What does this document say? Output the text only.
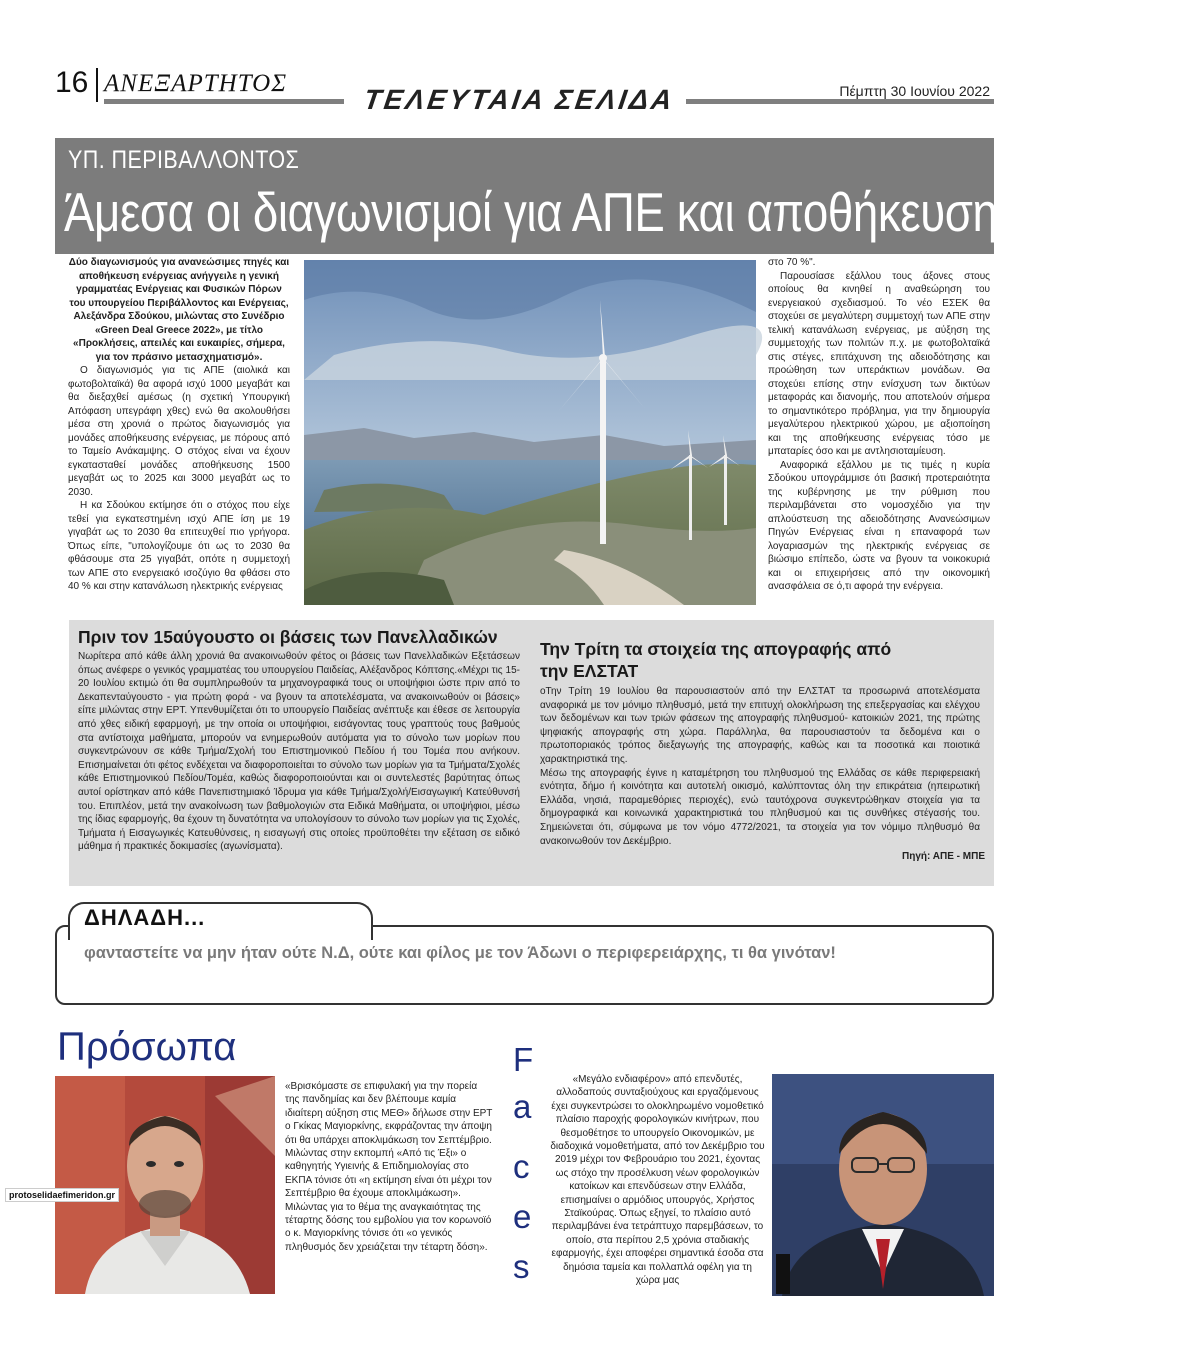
16 ΑΝΕΞΑΡΤΗΤΟΣ
ΤΕΛΕΥΤΑΙΑ ΣΕΛΙΔΑ	Πέμπτη 30 Ιουνίου 2022
ΥΠ. ΠΕΡΙΒΑΛΛΟΝΤΟΣ
Άμεσα οι διαγωνισμοί για ΑΠΕ και αποθήκευση ενέργειας

Δύο διαγωνισμούς για ανανεώσιμες πηγές και αποθήκευση ενέργειας ανήγγειλε η γενική γραμματέας Ενέργειας και Φυσικών Πόρων του υπουργείου Περιβάλλοντος και Ενέργειας, Αλεξάνδρα Σδούκου, μιλώντας στο Συνέδριο «Green Deal Greece 2022», με τίτλο «Προκλήσεις, απειλές και ευκαιρίες, σήμερα, για τον πράσινο μετασχηματισμό».

Ο διαγωνισμός για τις ΑΠΕ (αιολικά και φωτοβολταϊκά) θα αφορά ισχύ 1000 μεγαβάτ και θα διεξαχθεί αμέσως (η σχετική Υπουργική Απόφαση υπεγράφη χθες) ενώ θα ακολουθήσει μέσα στη χρονιά ο πρώτος διαγωνισμός για μονάδες αποθήκευσης ενέργειας, με πόρους από το Ταμείο Ανάκαμψης. Ο στόχος είναι να έχουν εγκατασταθεί μονάδες αποθήκευσης 1500 μεγαβάτ ως το 2025 και 3000 μεγαβάτ ως το 2030.

Η κα Σδούκου εκτίμησε ότι ο στόχος που είχε τεθεί για εγκατεστημένη ισχύ ΑΠΕ ίση με 19 γιγαβάτ ως το 2030 θα επιτευχθεί πιο γρήγορα. Όπως είπε, "υπολογίζουμε ότι ως το 2030 θα φθάσουμε στα 25 γιγαβάτ, οπότε η συμμετοχή των ΑΠΕ στο ενεργειακό ισοζύγιο θα φθάσει στο 40 % και στην κατανάλωση ηλεκτρικής ενέργειας

στο 70 %".

Παρουσίασε εξάλλου τους άξονες στους οποίους θα κινηθεί η αναθεώρηση του ενεργειακού σχεδιασμού. Το νέο ΕΣΕΚ θα στοχεύει σε μεγαλύτερη συμμετοχή των ΑΠΕ στην τελική κατανάλωση ενέργειας, με αύξηση της συμμετοχής των πολιτών π.χ. με φωτοβολταϊκά στις στέγες, επιτάχυνση της αδειοδότησης και προώθηση των υπεράκτιων μονάδων. Θα στοχεύει επίσης στην ενίσχυση των δικτύων μεταφοράς και διανομής, που αποτελούν σήμερα το σημαντικότερο πρόβλημα, για την δημιουργία μεγαλύτερου ηλεκτρικού χώρου, με αξιοποίηση και της αποθήκευσης ενέργειας τόσο με μπαταρίες όσο και με αντλησιοταμίευση.

Αναφορικά εξάλλου με τις τιμές η κυρία Σδούκου υπογράμμισε ότι βασική προτεραιότητα της κυβέρνησης με την ρύθμιση που περιλαμβάνεται στο νομοσχέδιο για την απλούστευση της αδειοδότησης Ανανεώσιμων Πηγών Ενέργειας είναι η επαναφορά των λογαριασμών της ηλεκτρικής ενέργειας σε βιώσιμο επίπεδο, ώστε να βγουν τα νοικοκυριά και οι επιχειρήσεις από την οικονομική ανασφάλεια σε ό,τι αφορά την ενέργεια.

Πριν τον 15αύγουστο οι βάσεις των Πανελλαδικών
Νωρίτερα από κάθε άλλη χρονιά θα ανακοινωθούν φέτος οι βάσεις των Πανελλαδικών Εξετάσεων όπως ανέφερε ο γενικός γραμματέας του υπουργείου Παιδείας, Αλέξανδρος Κόπτσης.«Μέχρι τις 15-20 Ιουλίου εκτιμώ ότι θα συμπληρωθούν τα μηχανογραφικά τους οι υποψήφιοι ώστε πριν από το Δεκαπενταύγουστο - για πρώτη φορά - να βγουν τα αποτελέσματα, να ανακοινωθούν οι βάσεις» είπε μιλώντας στην ΕΡΤ. Υπενθυμίζεται ότι το υπουργείο Παιδείας ανέπτυξε και έθεσε σε λειτουργία από χθες ειδική εφαρμογή, με την οποία οι υποψήφιοι, εισάγοντας τους γραπτούς τους βαθμούς στα αντίστοιχα μαθήματα, μπορούν να ενημερωθούν αυτόματα για το σύνολο των μορίων που συγκεντρώνουν σε κάθε Τμήμα/Σχολή του Επιστημονικού Πεδίου ή του Τομέα που ανήκουν. Επισημαίνεται ότι φέτος ενδέχεται να διαφοροποιείται το σύνολο των μορίων για τα Τμήματα/Σχολές κάθε Επιστημονικού Πεδίου/Τομέα, καθώς διαφοροποιούνται και οι συντελεστές βαρύτητας όπως αυτοί ορίστηκαν από κάθε Πανεπιστημιακό Ίδρυμα για κάθε Τμήμα/Σχολή/Εισαγωγική Κατεύθυνσή του. Επιπλέον, μετά την ανακοίνωση των βαθμολογιών στα Ειδικά Μαθήματα, οι υποψήφιοι, μέσω της ίδιας εφαρμογής, θα έχουν τη δυνατότητα να υπολογίσουν το σύνολο των μορίων για τις Σχολές, Τμήματα ή Εισαγωγικές Κατευθύνσεις, η εισαγωγή στις οποίες προϋποθέτει την εξέταση σε ειδικό μάθημα ή πρακτικές δοκιμασίες (αγωνίσματα).
Την Τρίτη τα στοιχεία της απογραφής από την ΕΛΣΤΑΤ

οΤην Τρίτη 19 Ιουλίου θα παρουσιαστούν από την ΕΛΣΤΑΤ τα προσωρινά αποτελέσματα αναφορικά με τον μόνιμο πληθυσμό, μετά την επιτυχή ολοκλήρωση της επεξεργασίας και ελέγχου των δεδομένων και των τριών φάσεων της απογραφής πληθυσμού- κατοικιών 2021, της πρώτης ψηφιακής απογραφής στη χώρα. Παράλληλα, θα παρουσιαστούν τα δεδομένα και ο πρωτοποριακός τρόπος διεξαγωγής της απογραφής, καθώς και τα ποσοτικά και ποιοτικά χαρακτηριστικά της.

Μέσω της απογραφής έγινε η καταμέτρηση του πληθυσμού της Ελλάδας σε κάθε περιφερειακή ενότητα, δήμο ή κοινότητα και αυτοτελή οικισμό, καλύπτοντας όλη την επικράτεια (ηπειρωτική Ελλάδα, νησιά, παραμεθόριες περιοχές), ενώ ταυτόχρονα συγκεντρώθηκαν στοιχεία για τα δημογραφικά και κοινωνικά χαρακτηριστικά του πληθυσμού και τις συνθήκες στέγασής του. Σημειώνεται ότι, σύμφωνα με τον νόμο 4772/2021, τα στοιχεία για τον νόμιμο πληθυσμό θα ανακοινωθούν τον Δεκέμβριο.

Πηγή: ΑΠΕ - ΜΠΕ
ΔΗΛΑΔΗ...
φανταστείτε να μην ήταν ούτε Ν.Δ, ούτε και φίλος με τον Άδωνι ο περιφερειάρχης, τι θα γινόταν!
Πρόσωπα	F
a
c
e
s
protoselidaefimeridon.gr
«Βρισκόμαστε σε επιφυλακή για την πορεία της πανδημίας και δεν βλέπουμε καμία ιδιαίτερη αύξηση στις ΜΕΘ» δήλωσε στην ΕΡΤ ο Γκίκας Μαγιορκίνης, εκφράζοντας την άποψη ότι θα υπάρχει αποκλιμάκωση τον Σεπτέμβριο.
Μιλώντας στην εκπομπή «Από τις Έξι» ο καθηγητής Υγιεινής & Επιδημιολογίας στο ΕΚΠΑ τόνισε ότι «η εκτίμηση είναι ότι μέχρι τον Σεπτέμβριο θα έχουμε αποκλιμάκωση». Μιλώντας για το θέμα της αναγκαιότητας της τέταρτης δόσης του εμβολίου για τον κορωνοϊό ο κ. Μαγιορκίνης τόνισε ότι «ο γενικός πληθυσμός δεν χρειάζεται την τέταρτη δόση».
«Μεγάλο ενδιαφέρον» από επενδυτές, αλλοδαπούς συνταξιούχους και εργαζόμενους έχει συγκεντρώσει το ολοκληρωμένο νομοθετικό πλαίσιο παροχής φορολογικών κινήτρων, που θεσμοθέτησε το υπουργείο Οικονομικών, με διαδοχικά νομοθετήματα, από τον Δεκέμβριο του 2019 μέχρι τον Φεβρουάριο του 2021, έχοντας ως στόχο την προσέλκυση νέων φορολογικών κατοίκων και επενδύσεων στην Ελλάδα, επισημαίνει ο αρμόδιος υπουργός, Χρήστος Σταϊκούρας. Όπως εξηγεί, το πλαίσιο αυτό περιλαμβάνει ένα τετράπτυχο παρεμβάσεων, το οποίο, στα περίπου 2,5 χρόνια σταδιακής εφαρμογής, έχει αποφέρει σημαντικά έσοδα στα δημόσια ταμεία και πολλαπλά οφέλη για τη χώρα μας
